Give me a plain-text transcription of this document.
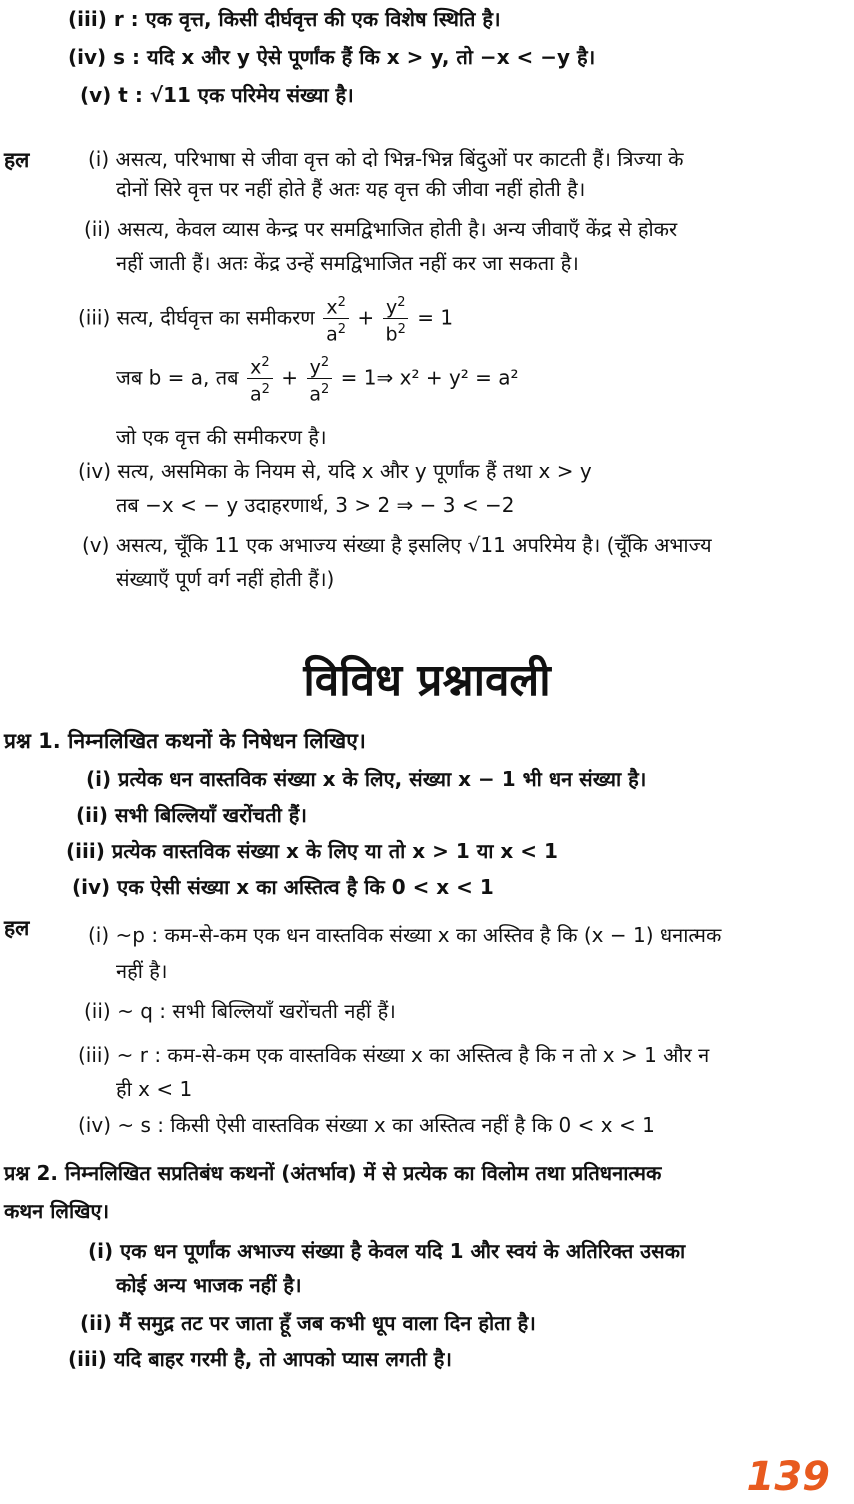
(iii) r : एक वृत्त, किसी दीर्घवृत्त की एक विशेष स्थिति है।
(iv) s : यदि x और y ऐसे पूर्णांक हैं कि x > y, तो −x < −y है।
(v) t : √11 एक परिमेय संख्या है।
हल	(i) असत्य, परिभाषा से जीवा वृत्त को दो भिन्न-भिन्न बिंदुओं पर काटती हैं। त्रिज्या के
दोनों सिरे वृत्त पर नहीं होते हैं अतः यह वृत्त की जीवा नहीं होती है।
(ii) असत्य, केवल व्यास केन्द्र पर समद्विभाजित होती है। अन्य जीवाएँ केंद्र से होकर
नहीं जाती हैं। अतः केंद्र उन्हें समद्विभाजित नहीं कर जा सकता है।
(iii) सत्य, दीर्घवृत्त का समीकरण $\frac{x^2}{a^2} + \frac{y^2}{b^2} = 1$
जब b = a, तब $\frac{x^2}{a^2} + \frac{y^2}{a^2}$ = 1⇒ x² + y² = a²
जो एक वृत्त की समीकरण है।
(iv) सत्य, असमिका के नियम से, यदि x और y पूर्णांक हैं तथा x > y
तब −x < − y उदाहरणार्थ, 3 > 2 ⇒ − 3 < −2
(v) असत्य, चूँकि 11 एक अभाज्य संख्या है इसलिए √11 अपरिमेय है। (चूँकि अभाज्य
संख्याएँ पूर्ण वर्ग नहीं होती हैं।)
विविध प्रश्नावली
प्रश्न 1. निम्नलिखित कथनों के निषेधन लिखिए।
(i) प्रत्येक धन वास्तविक संख्या x के लिए, संख्या x − 1 भी धन संख्या है।
(ii) सभी बिल्लियाँ खरोंचती हैं।
(iii) प्रत्येक वास्तविक संख्या x के लिए या तो x > 1 या x < 1
(iv) एक ऐसी संख्या x का अस्तित्व है कि 0 < x < 1
हल	(i) ~p : कम-से-कम एक धन वास्तविक संख्या x का अस्तिव है कि (x − 1) धनात्मक
नहीं है।
(ii) ~ q : सभी बिल्लियाँ खरोंचती नहीं हैं।
(iii) ~ r : कम-से-कम एक वास्तविक संख्या x का अस्तित्व है कि न तो x > 1 और न
ही x < 1
(iv) ~ s : किसी ऐसी वास्तविक संख्या x का अस्तित्व नहीं है कि 0 < x < 1
प्रश्न 2. निम्नलिखित सप्रतिबंध कथनों (अंतर्भाव) में से प्रत्येक का विलोम तथा प्रतिधनात्मक
कथन लिखिए।
(i) एक धन पूर्णांक अभाज्य संख्या है केवल यदि 1 और स्वयं के अतिरिक्त उसका
कोई अन्य भाजक नहीं है।
(ii) मैं समुद्र तट पर जाता हूँ जब कभी धूप वाला दिन होता है।
(iii) यदि बाहर गरमी है, तो आपको प्यास लगती है।
139
